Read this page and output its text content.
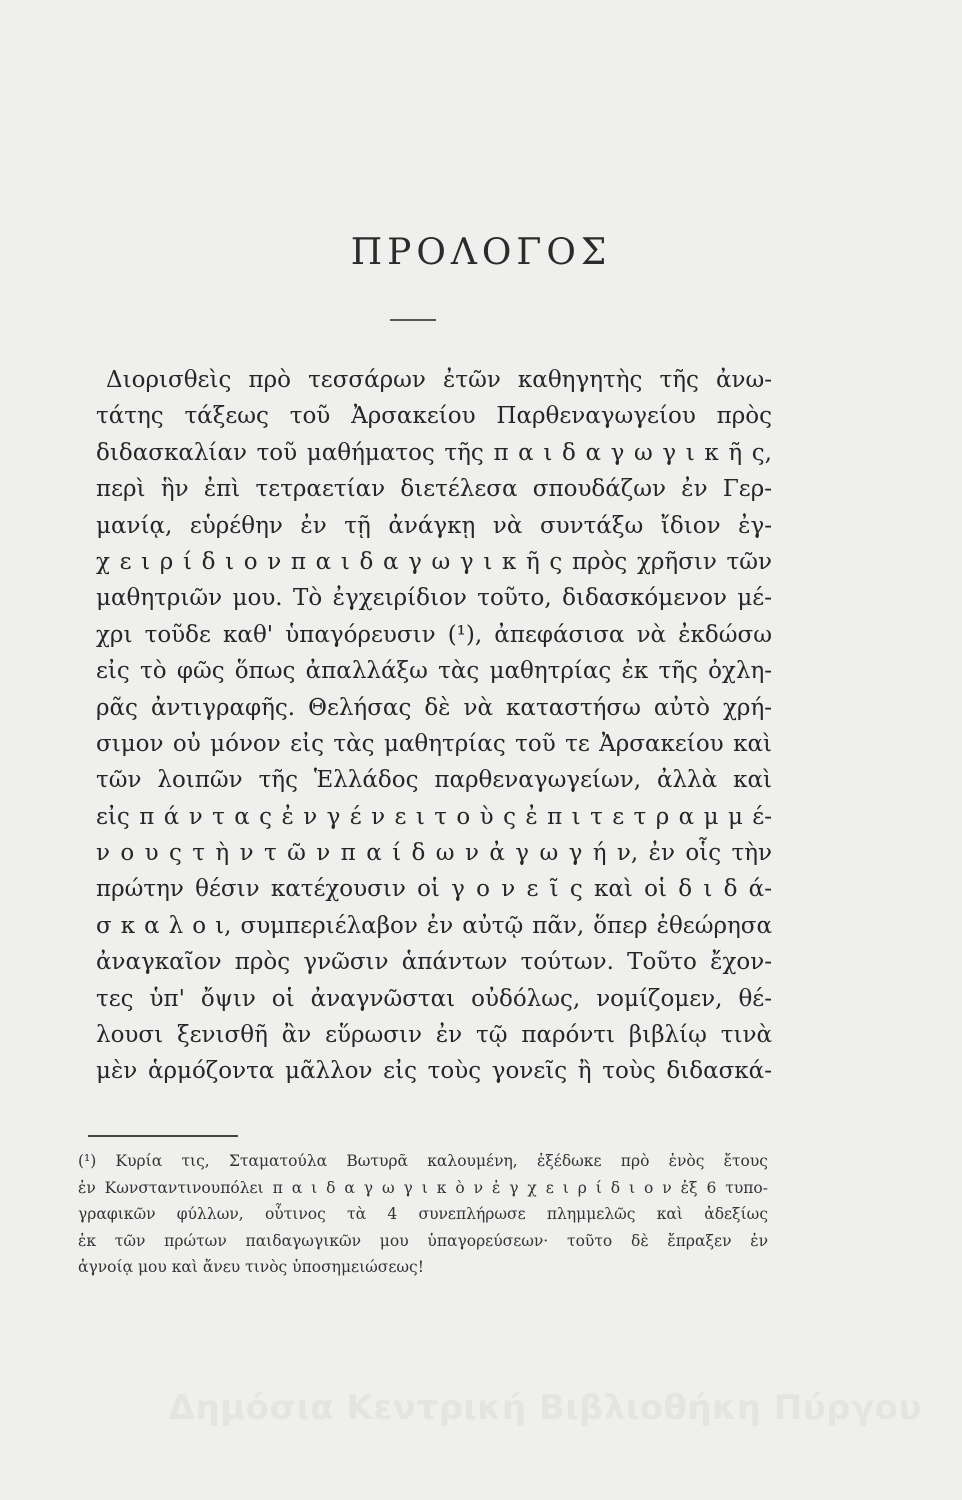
ΠΡΟΛΟΓΟΣ
Διορισθεὶς πρὸ τεσσάρων ἐτῶν καθηγητὴς τῆς ἀνω-
τάτης τάξεως τοῦ Ἀρσακείου Παρθεναγωγείου πρὸς
διδασκαλίαν τοῦ μαθήματος τῆς π α ι δ α γ ω γ ι κ ῆ ς,
περὶ ἣν ἐπὶ τετραετίαν διετέλεσα σπουδάζων ἐν Γερ-
μανίᾳ, εὑρέθην ἐν τῇ ἀνάγκῃ νὰ συντάξω ἴδιον ἐγ-
χ ε ι ρ ί δ ι ο ν π α ι δ α γ ω γ ι κ ῆ ς πρὸς χρῆσιν τῶν
μαθητριῶν μου. Τὸ ἐγχειρίδιον τοῦτο, διδασκόμενον μέ-
χρι τοῦδε καθ' ὑπαγόρευσιν (¹), ἀπεφάσισα νὰ ἐκδώσω
εἰς τὸ φῶς ὅπως ἀπαλλάξω τὰς μαθητρίας ἐκ τῆς ὀχλη-
ρᾶς ἀντιγραφῆς. Θελήσας δὲ νὰ καταστήσω αὐτὸ χρή-
σιμον οὐ μόνον εἰς τὰς μαθητρίας τοῦ τε Ἀρσακείου καὶ
τῶν λοιπῶν τῆς Ἑλλάδος παρθεναγωγείων, ἀλλὰ καὶ
εἰς π ά ν τ α ς ἐ ν γ έ ν ε ι τ ο ὺ ς ἐ π ι τ ε τ ρ α μ μ έ-
ν ο υ ς τ ὴ ν τ ῶ ν π α ί δ ω ν ἀ γ ω γ ή ν, ἐν οἷς τὴν
πρώτην θέσιν κατέχουσιν οἱ γ ο ν ε ῖ ς καὶ οἱ δ ι δ ά-
σ κ α λ ο ι, συμπεριέλαβον ἐν αὐτῷ πᾶν, ὅπερ ἐθεώρησα
ἀναγκαῖον πρὸς γνῶσιν ἁπάντων τούτων. Τοῦτο ἔχον-
τες ὑπ' ὄψιν οἱ ἀναγνῶσται οὐδόλως, νομίζομεν, θέ-
λουσι ξενισθῆ ἂν εὕρωσιν ἐν τῷ παρόντι βιβλίῳ τινὰ
μὲν ἁρμόζοντα μᾶλλον εἰς τοὺς γονεῖς ἢ τοὺς διδασκά-
(¹) Κυρία τις, Σταματούλα Βωτυρᾶ καλουμένη, ἐξέδωκε πρὸ ἑνὸς ἔτους
ἐν Κωνσταντινουπόλει π α ι δ α γ ω γ ι κ ὸ ν ἐ γ χ ε ι ρ ί δ ι ο ν ἐξ 6 τυπο-
γραφικῶν φύλλων, οὗτινος τὰ 4 συνεπλήρωσε πλημμελῶς καὶ ἀδεξίως
ἐκ τῶν πρώτων παιδαγωγικῶν μου ὑπαγορεύσεων· τοῦτο δὲ ἔπραξεν ἐν
ἀγνοίᾳ μου καὶ ἄνευ τινὸς ὑποσημειώσεως!
Δημόσια Κεντρική Βιβλιοθήκη Πύργου
